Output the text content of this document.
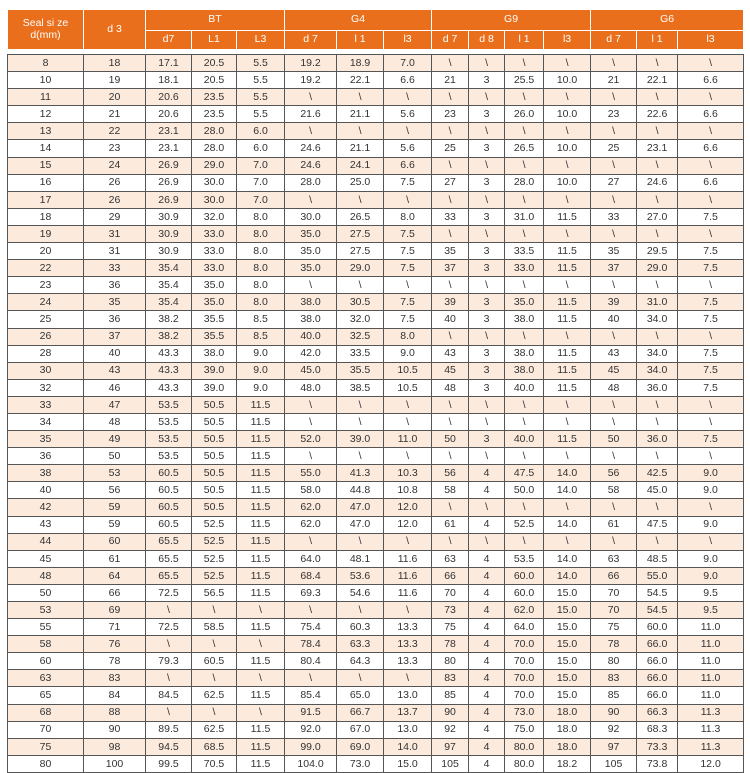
Seal si ze
d(mm)	d 3	BT			G4			G9				G6		
		d7	L1	L3	d 7	l 1	l3	d 7	d 8	l 1	l3	d 7	l 1	l3

8	18	17.1	20.5	5.5	19.2	18.9	7.0	\	\	\	\	\	\	\
10	19	18.1	20.5	5.5	19.2	22.1	6.6	21	3	25.5	10.0	21	22.1	6.6
11	20	20.6	23.5	5.5	\	\	\	\	\	\	\	\	\	\
12	21	20.6	23.5	5.5	21.6	21.1	5.6	23	3	26.0	10.0	23	22.6	6.6
13	22	23.1	28.0	6.0	\	\	\	\	\	\	\	\	\	\
14	23	23.1	28.0	6.0	24.6	21.1	5.6	25	3	26.5	10.0	25	23.1	6.6
15	24	26.9	29.0	7.0	24.6	24.1	6.6	\	\	\	\	\	\	\
16	26	26.9	30.0	7.0	28.0	25.0	7.5	27	3	28.0	10.0	27	24.6	6.6
17	26	26.9	30.0	7.0	\	\	\	\	\	\	\	\	\	\
18	29	30.9	32.0	8.0	30.0	26.5	8.0	33	3	31.0	11.5	33	27.0	7.5
19	31	30.9	33.0	8.0	35.0	27.5	7.5	\	\	\	\	\	\	\
20	31	30.9	33.0	8.0	35.0	27.5	7.5	35	3	33.5	11.5	35	29.5	7.5
22	33	35.4	33.0	8.0	35.0	29.0	7.5	37	3	33.0	11.5	37	29.0	7.5
23	36	35.4	35.0	8.0	\	\	\	\	\	\	\	\	\	\
24	35	35.4	35.0	8.0	38.0	30.5	7.5	39	3	35.0	11.5	39	31.0	7.5
25	36	38.2	35.5	8.5	38.0	32.0	7.5	40	3	38.0	11.5	40	34.0	7.5
26	37	38.2	35.5	8.5	40.0	32.5	8.0	\	\	\	\	\	\	\
28	40	43.3	38.0	9.0	42.0	33.5	9.0	43	3	38.0	11.5	43	34.0	7.5
30	43	43.3	39.0	9.0	45.0	35.5	10.5	45	3	38.0	11.5	45	34.0	7.5
32	46	43.3	39.0	9.0	48.0	38.5	10.5	48	3	40.0	11.5	48	36.0	7.5
33	47	53.5	50.5	11.5	\	\	\	\	\	\	\	\	\	\
34	48	53.5	50.5	11.5	\	\	\	\	\	\	\	\	\	\
35	49	53.5	50.5	11.5	52.0	39.0	11.0	50	3	40.0	11.5	50	36.0	7.5
36	50	53.5	50.5	11.5	\	\	\	\	\	\	\	\	\	\
38	53	60.5	50.5	11.5	55.0	41.3	10.3	56	4	47.5	14.0	56	42.5	9.0
40	56	60.5	50.5	11.5	58.0	44.8	10.8	58	4	50.0	14.0	58	45.0	9.0
42	59	60.5	50.5	11.5	62.0	47.0	12.0	\	\	\	\	\	\	\
43	59	60.5	52.5	11.5	62.0	47.0	12.0	61	4	52.5	14.0	61	47.5	9.0
44	60	65.5	52.5	11.5	\	\	\	\	\	\	\	\	\	\
45	61	65.5	52.5	11.5	64.0	48.1	11.6	63	4	53.5	14.0	63	48.5	9.0
48	64	65.5	52.5	11.5	68.4	53.6	11.6	66	4	60.0	14.0	66	55.0	9.0
50	66	72.5	56.5	11.5	69.3	54.6	11.6	70	4	60.0	15.0	70	54.5	9.5
53	69	\	\	\	\	\	\	73	4	62.0	15.0	70	54.5	9.5
55	71	72.5	58.5	11.5	75.4	60.3	13.3	75	4	64.0	15.0	75	60.0	11.0
58	76	\	\	\	78.4	63.3	13.3	78	4	70.0	15.0	78	66.0	11.0
60	78	79.3	60.5	11.5	80.4	64.3	13.3	80	4	70.0	15.0	80	66.0	11.0
63	83	\	\	\	\	\	\	83	4	70.0	15.0	83	66.0	11.0
65	84	84.5	62.5	11.5	85.4	65.0	13.0	85	4	70.0	15.0	85	66.0	11.0
68	88	\	\	\	91.5	66.7	13.7	90	4	73.0	18.0	90	66.3	11.3
70	90	89.5	62.5	11.5	92.0	67.0	13.0	92	4	75.0	18.0	92	68.3	11.3
75	98	94.5	68.5	11.5	99.0	69.0	14.0	97	4	80.0	18.0	97	73.3	11.3
80	100	99.5	70.5	11.5	104.0	73.0	15.0	105	4	80.0	18.2	105	73.8	12.0
